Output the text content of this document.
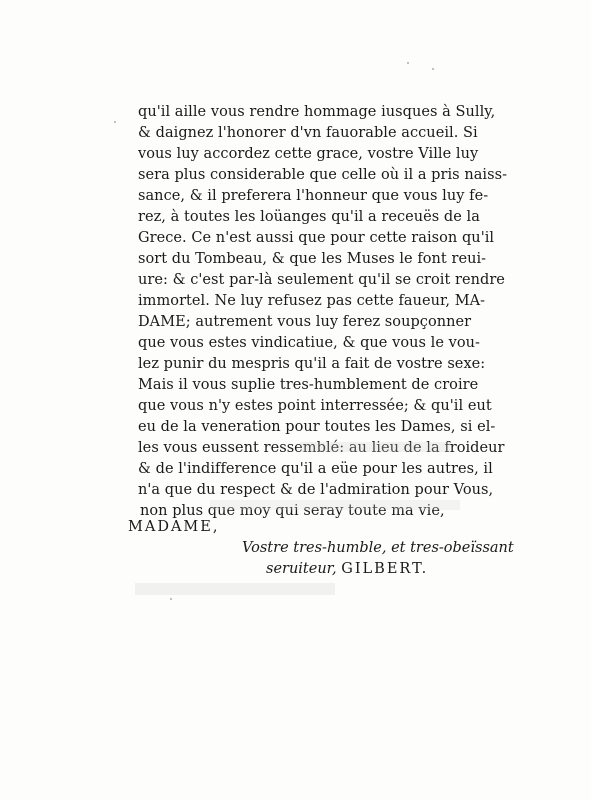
qu'il aille vous rendre hommage iusques à Sully,
& daignez l'honorer d'vn fauorable accueil. Si
vous luy accordez cette grace, vostre Ville luy
sera plus considerable que celle où il a pris naiss-
sance, & il preferera l'honneur que vous luy fe-
rez, à toutes les loüanges qu'il a receuës de la
Grece. Ce n'est aussi que pour cette raison qu'il
sort du Tombeau, & que les Muses le font reui-
ure: & c'est par-là seulement qu'il se croit rendre
immortel. Ne luy refusez pas cette faueur, MA-
DAME; autrement vous luy ferez soupçonner
que vous estes vindicatiue, & que vous le vou-
lez punir du mespris qu'il a fait de vostre sexe:
Mais il vous suplie tres-humblement de croire
que vous n'y estes point interressée; & qu'il eut
eu de la veneration pour toutes les Dames, si el-
les vous eussent ressemblé: au lieu de la froideur
& de l'indifference qu'il a eüe pour les autres, il
n'a que du respect & de l'admiration pour Vous,
non plus que moy qui seray toute ma vie,
MADAME,
Vostre tres-humble, et tres-obeïssant
seruiteur, GILBERT.
